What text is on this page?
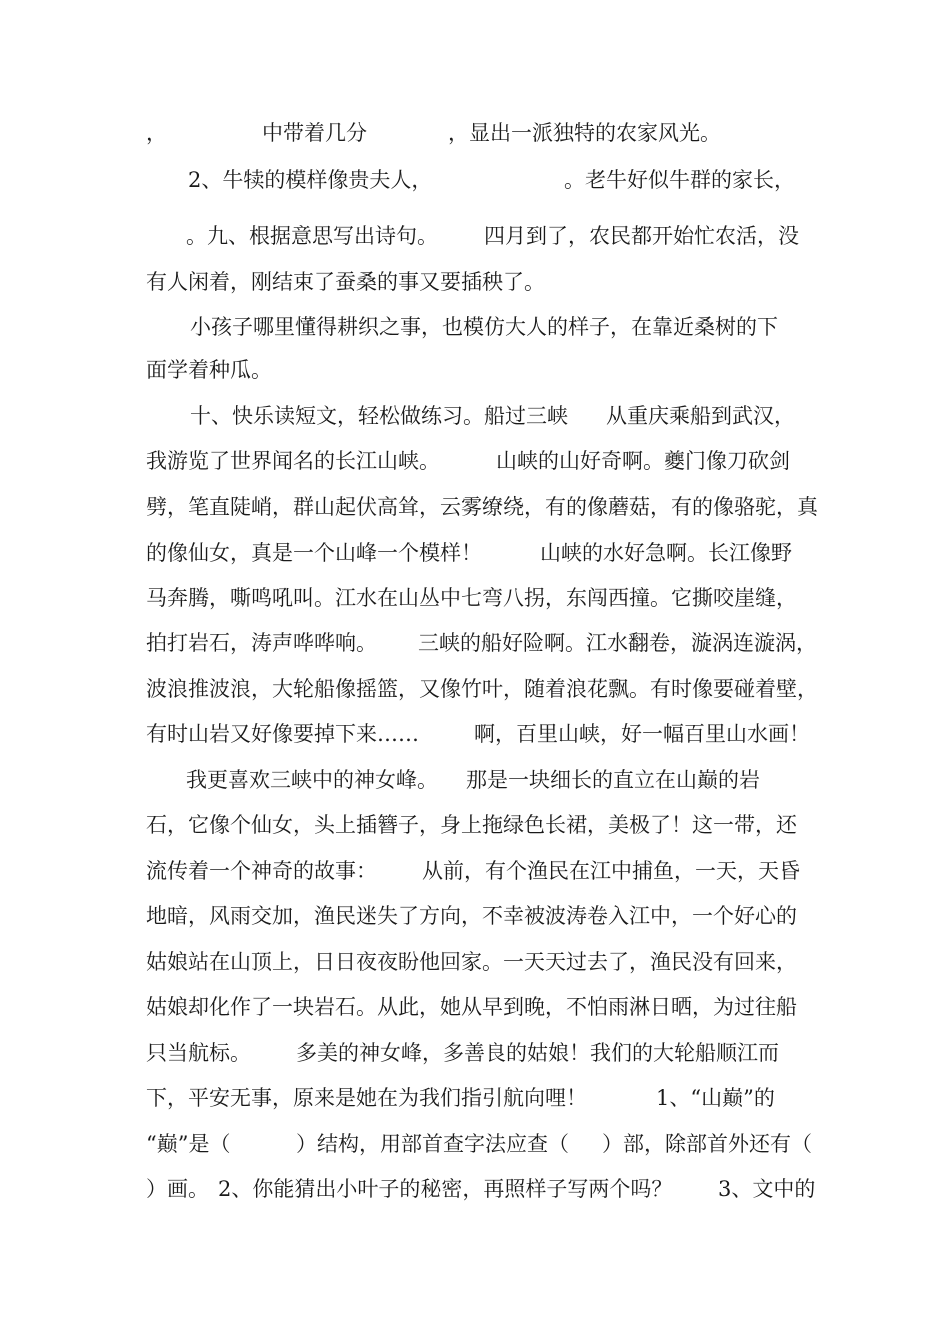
，

	中带着几分

	，显出一派独特的农家风光。

2、牛犊的模样像贵夫人，

	。老牛好似牛群的家长，

。九、根据意思写出诗句。

四月到了，农民都开始忙农活，没

有人闲着，刚结束了蚕桑的事又要插秧了。

小孩子哪里懂得耕织之事，也模仿大人的样子，在靠近桑树的下

面学着种瓜。

十、快乐读短文，轻松做练习。船过三峡

从重庆乘船到武汉，

我游览了世界闻名的长江山峡。

	山峡的山好奇啊。夔门像刀砍剑

劈，笔直陡峭，群山起伏高耸，云雾缭绕，有的像蘑菇，有的像骆驼，真

的像仙女，真是一个山峰一个模样！

	山峡的水好急啊。长江像野

马奔腾，嘶鸣吼叫。江水在山丛中七弯八拐，东闯西撞。它撕咬崖缝，

拍打岩石，涛声哗哗响。

三峡的船好险啊。江水翻卷，漩涡连漩涡，

波浪推波浪，大轮船像摇篮，又像竹叶，随着浪花飘。有时像要碰着壁，

有时山岩又好像要掉下来……

	啊，百里山峡，好一幅百里山水画！

我更喜欢三峡中的神女峰。

那是一块细长的直立在山巅的岩

石，它像个仙女，头上插簪子，身上拖绿色长裙，美极了！这一带，还

流传着一个神奇的故事：

从前，有个渔民在江中捕鱼，一天，天昏

地暗，风雨交加，渔民迷失了方向，不幸被波涛卷入江中，一个好心的

姑娘站在山顶上，日日夜夜盼他回家。一天天过去了，渔民没有回来，

姑娘却化作了一块岩石。从此，她从早到晚，不怕雨淋日晒，为过往船

只当航标。

多美的神女峰，多善良的姑娘！我们的大轮船顺江而

下，平安无事，原来是她在为我们指引航向哩！

	1、“山巅”的

“巅”是（

	）结构，用部首查字法应查（

）部，除部首外还有（

）画。

2、你能猜出小叶子的秘密，再照样子写两个吗？

3、文中的
